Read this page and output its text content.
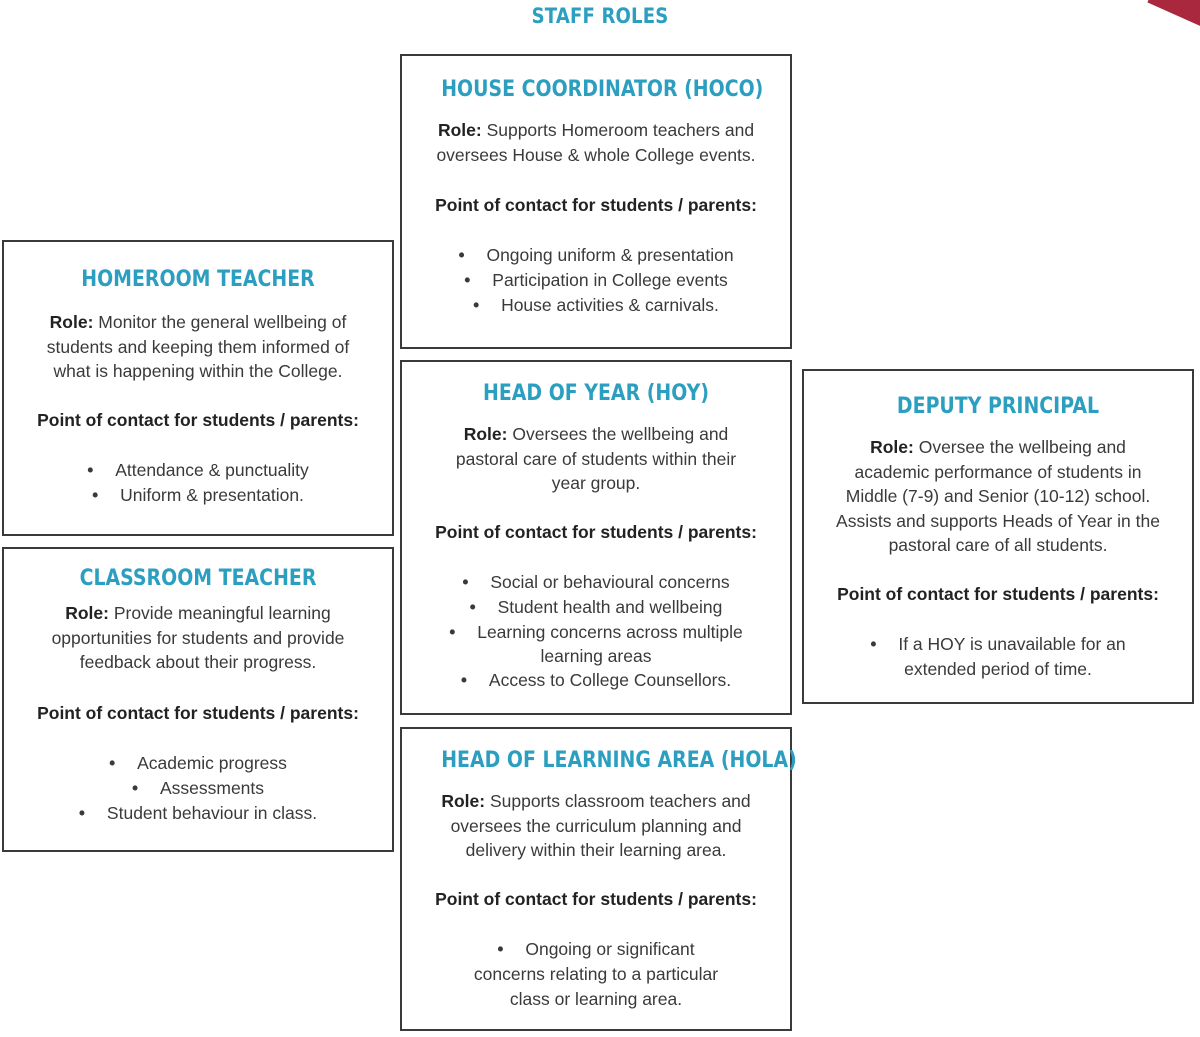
STAFF ROLES
HOUSE COORDINATOR (HOCO)

Role: Supports Homeroom teachers and oversees House & whole College events.

Point of contact for students / parents:

• Ongoing uniform & presentation
• Participation in College events
• House activities & carnivals.
HOMEROOM TEACHER

Role: Monitor the general wellbeing of students and keeping them informed of what is happening within the College.

Point of contact for students / parents:

• Attendance & punctuality
• Uniform & presentation.
HEAD OF YEAR (HOY)

Role: Oversees the wellbeing and pastoral care of students within their year group.

Point of contact for students / parents:

• Social or behavioural concerns
• Student health and wellbeing
• Learning concerns across multiple learning areas
• Access to College Counsellors.
DEPUTY PRINCIPAL

Role: Oversee the wellbeing and academic performance of students in Middle (7-9) and Senior (10-12) school. Assists and supports Heads of Year in the pastoral care of all students.

Point of contact for students / parents:

• If a HOY is unavailable for an extended period of time.
CLASSROOM TEACHER

Role: Provide meaningful learning opportunities for students and provide feedback about their progress.

Point of contact for students / parents:

• Academic progress
• Assessments
• Student behaviour in class.
HEAD OF LEARNING AREA (HOLA)

Role: Supports classroom teachers and oversees the curriculum planning and delivery within their learning area.

Point of contact for students / parents:

• Ongoing or significant concerns relating to a particular class or learning area.
